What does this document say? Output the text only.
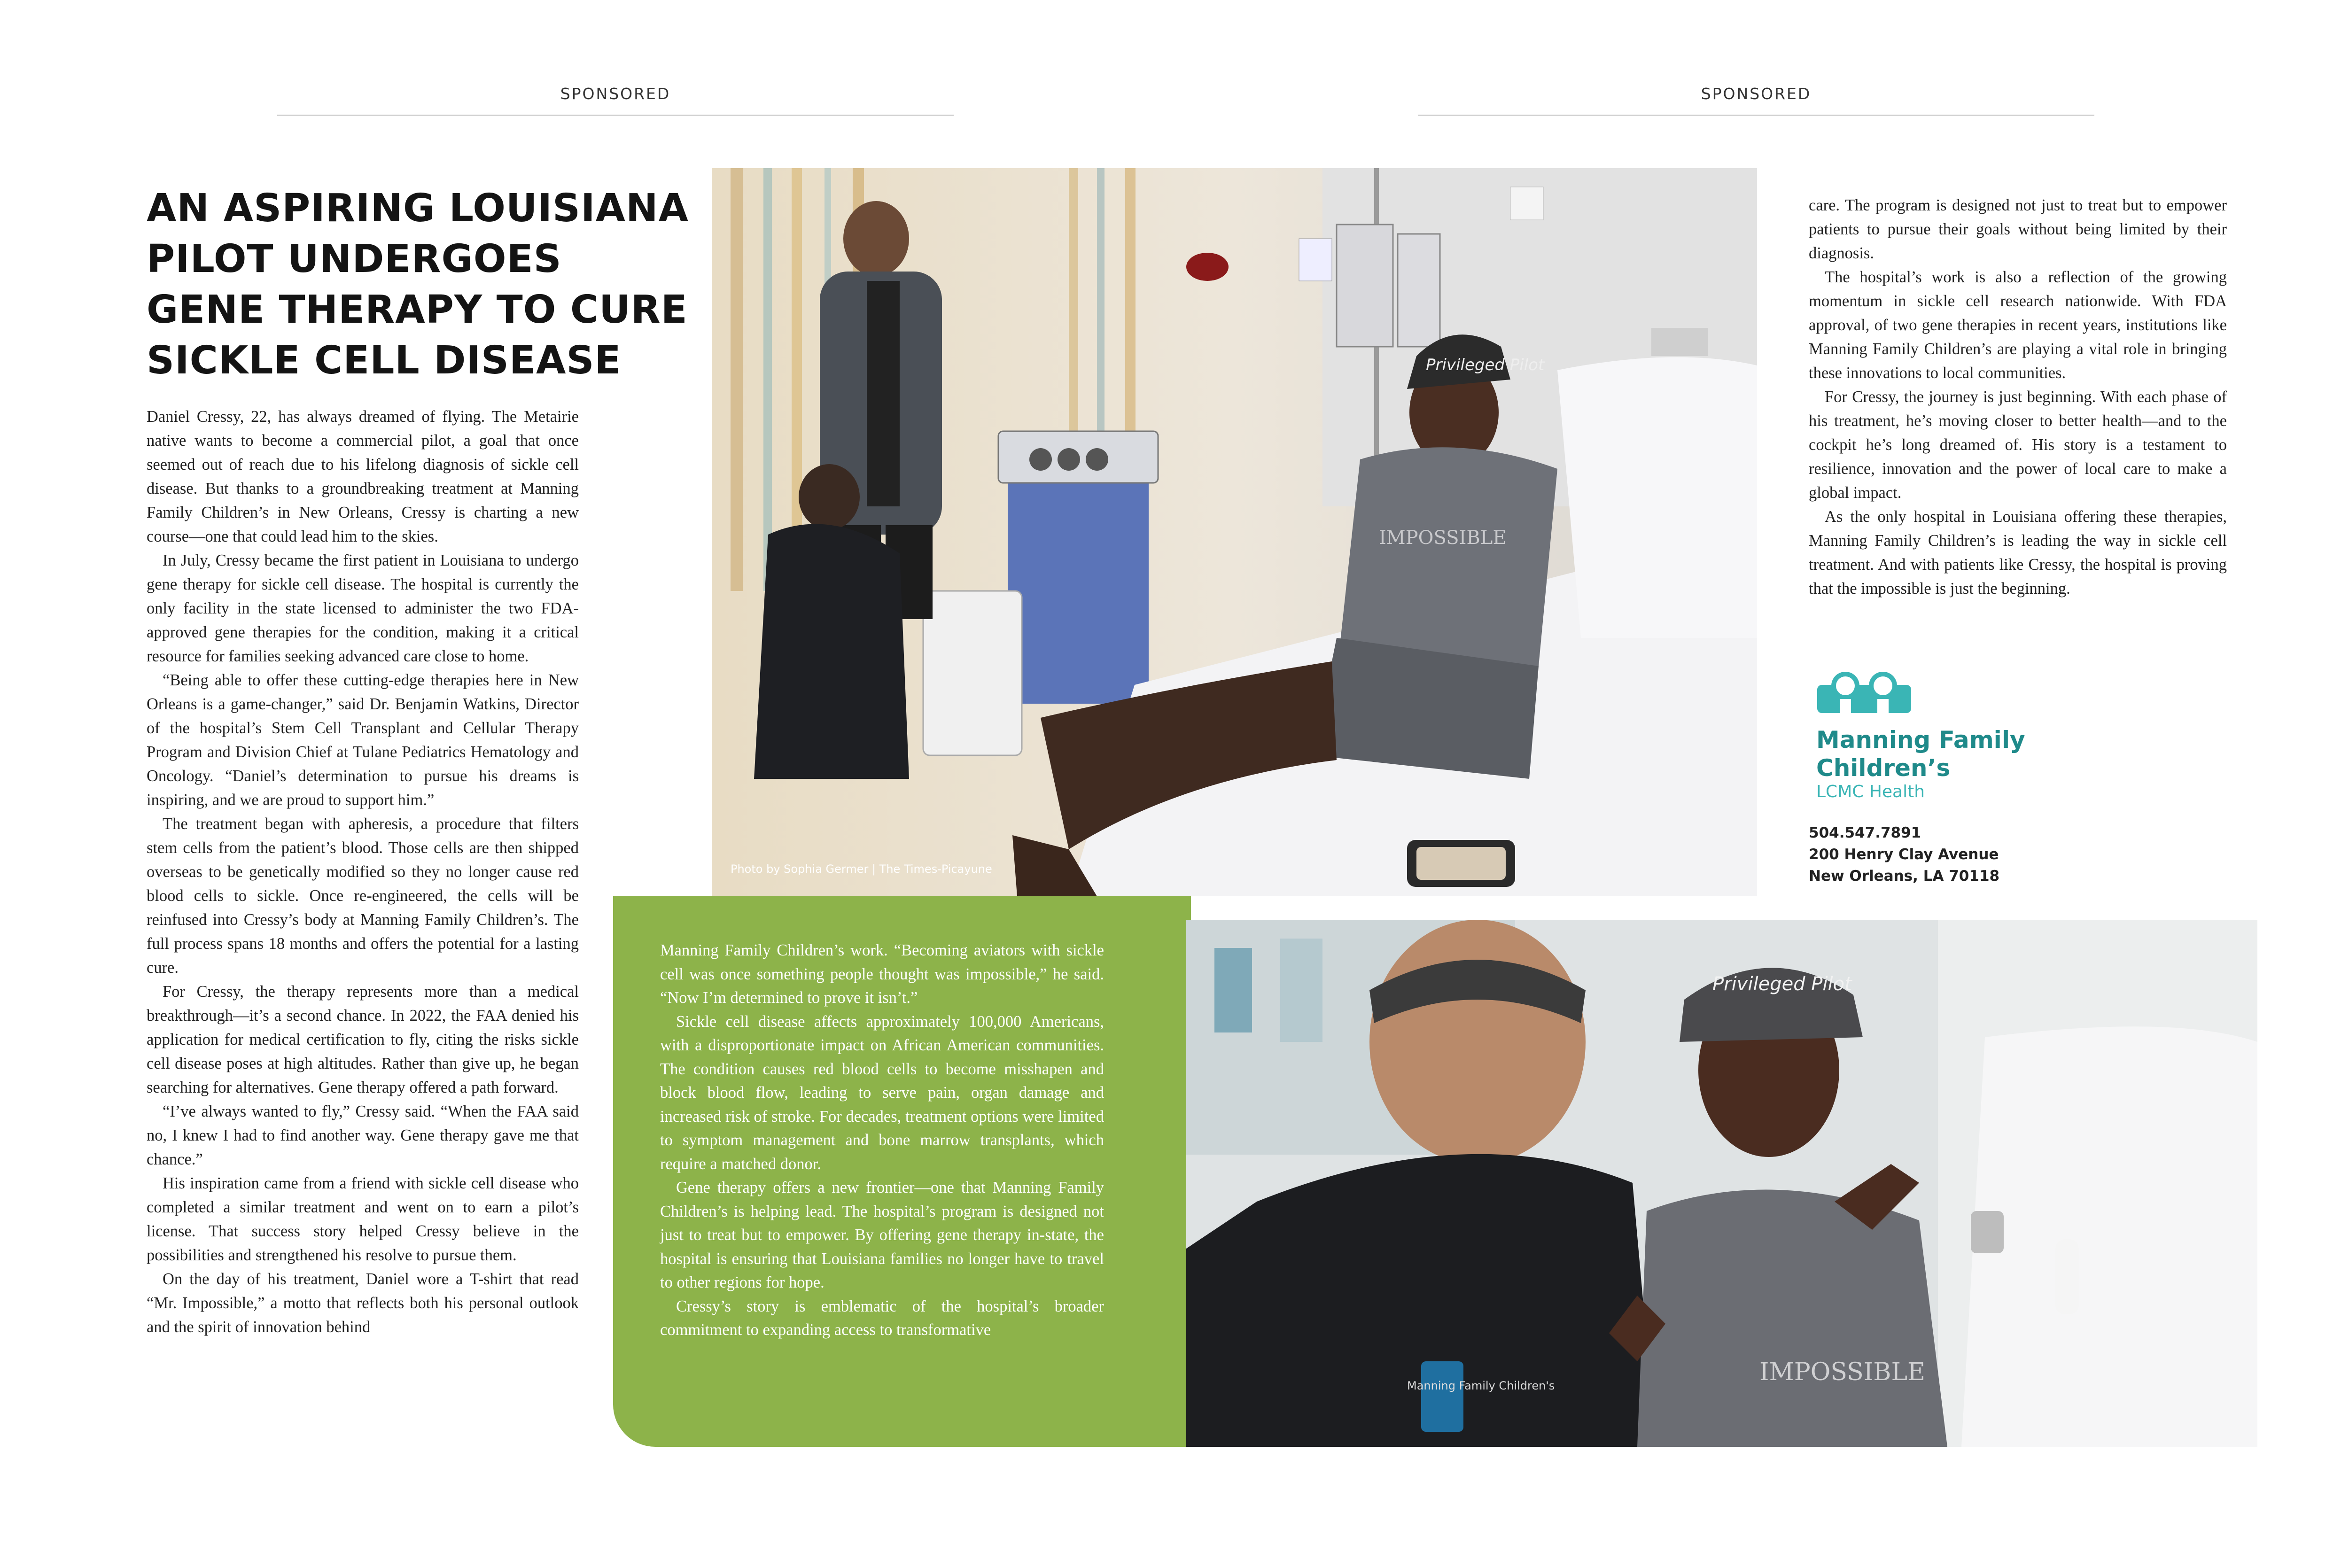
SPONSORED	SPONSORED
AN ASPIRING LOUISIANA
PILOT UNDERGOES
GENE THERAPY TO CURE
SICKLE CELL DISEASE

Daniel Cressy, 22, has always dreamed of flying. The Metairie native wants to become a commercial pilot, a goal that once seemed out of reach due to his lifelong diagnosis of sickle cell disease. But thanks to a groundbreaking treatment at Manning Family Children’s in New Orleans, Cressy is charting a new course—one that could lead him to the skies.

In July, Cressy became the first patient in Louisiana to undergo gene therapy for sickle cell disease. The hospital is currently the only facility in the state licensed to administer the two FDA-approved gene therapies for the condition, making it a critical resource for families seeking advanced care close to home.

“Being able to offer these cutting-edge therapies here in New Orleans is a game-changer,” said Dr. Benjamin Watkins, Director of the hospital’s Stem Cell Transplant and Cellular Therapy Program and Division Chief at Tulane Pediatrics Hematology and Oncology. “Daniel’s determination to pursue his dreams is inspiring, and we are proud to support him.”

The treatment began with apheresis, a procedure that filters stem cells from the patient’s blood. Those cells are then shipped overseas to be genetically modified so they no longer cause red blood cells to sickle. Once re-engineered, the cells will be reinfused into Cressy’s body at Manning Family Children’s. The full process spans 18 months and offers the potential for a lasting cure.

For Cressy, the therapy represents more than a medical breakthrough—it’s a second chance. In 2022, the FAA denied his application for medical certification to fly, citing the risks sickle cell disease poses at high altitudes. Rather than give up, he began searching for alternatives. Gene therapy offered a path forward.

“I’ve always wanted to fly,” Cressy said. “When the FAA said no, I knew I had to find another way. Gene therapy gave me that chance.”

His inspiration came from a friend with sickle cell disease who completed a similar treatment and went on to earn a pilot’s license. That success story helped Cressy believe in the possibilities and strengthened his resolve to pursue them.

On the day of his treatment, Daniel wore a T-shirt that read “Mr. Impossible,” a motto that reflects both his personal outlook and the spirit of innovation behind

Privileged Pilot
IMPOSSIBLE
Photo by Sophia Germer | The Times-Picayune

Manning Family Children’s work. “Becoming aviators with sickle cell was once something people thought was impossible,” he said. “Now I’m determined to prove it isn’t.”

Sickle cell disease affects approximately 100,000 Americans, with a disproportionate impact on African American communities. The condition causes red blood cells to become misshapen and block blood flow, leading to serve pain, organ damage and increased risk of stroke. For decades, treatment options were limited to symptom management and bone marrow transplants, which require a matched donor.

Gene therapy offers a new frontier—one that Manning Family Children’s is helping lead. The hospital’s program is designed not just to treat but to empower. By offering gene therapy in-state, the hospital is ensuring that Louisiana families no longer have to travel to other regions for hope.

Cressy’s story is emblematic of the hospital’s broader commitment to expanding access to transformative

Manning Family Children's
Privileged Pilot
IMPOSSIBLE

care. The program is designed not just to treat but to empower patients to pursue their goals without being limited by their diagnosis.

The hospital’s work is also a reflection of the growing momentum in sickle cell research nationwide. With FDA approval, of two gene therapies in recent years, institutions like Manning Family Children’s are playing a vital role in bringing these innovations to local communities.

For Cressy, the journey is just beginning. With each phase of his treatment, he’s moving closer to better health—and to the cockpit he’s long dreamed of. His story is a testament to resilience, innovation and the power of local care to make a global impact.

As the only hospital in Louisiana offering these therapies, Manning Family Children’s is leading the way in sickle cell treatment. And with patients like Cressy, the hospital is proving that the impossible is just the beginning.

Manning Family
Children’s
LCMC Health
504.547.7891
200 Henry Clay Avenue
New Orleans, LA 70118
